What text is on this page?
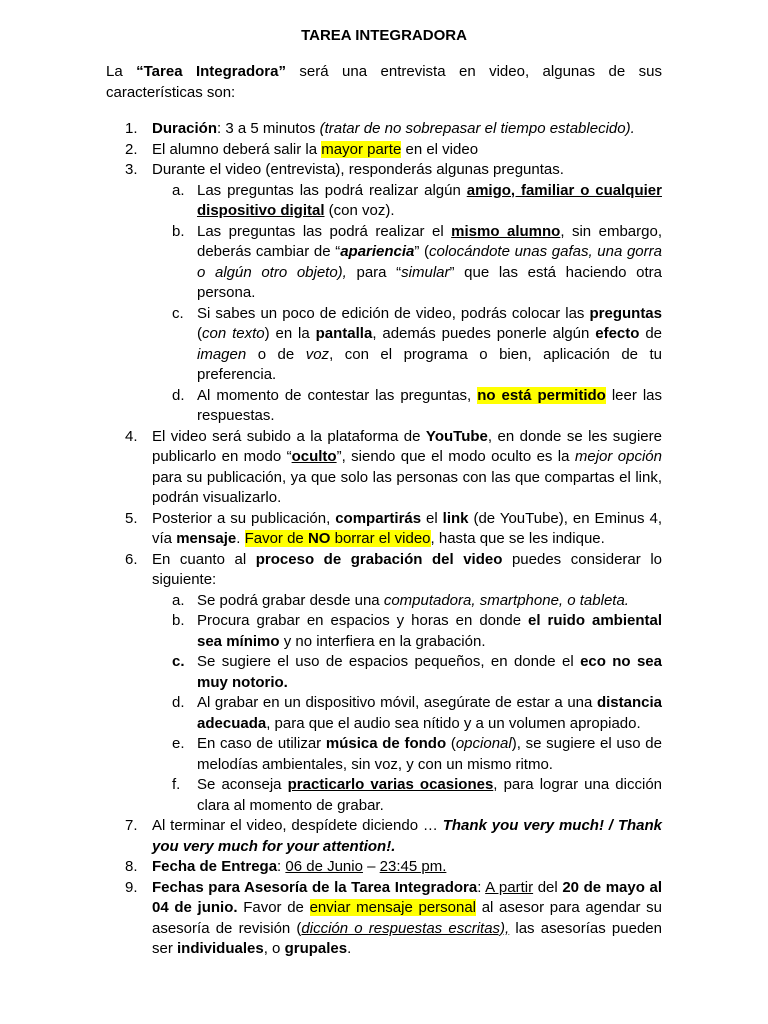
TAREA INTEGRADORA
La “Tarea Integradora” será una entrevista en video, algunas de sus características son:
1. Duración: 3 a 5 minutos (tratar de no sobrepasar el tiempo establecido).
2. El alumno deberá salir la mayor parte en el video
3. Durante el video (entrevista), responderás algunas preguntas.
a. Las preguntas las podrá realizar algún amigo, familiar o cualquier dispositivo digital (con voz).
b. Las preguntas las podrá realizar el mismo alumno, sin embargo, deberás cambiar de “apariencia” (colocándote unas gafas, una gorra o algún otro objeto), para “simular” que las está haciendo otra persona.
c. Si sabes un poco de edición de video, podrás colocar las preguntas (con texto) en la pantalla, además puedes ponerle algún efecto de imagen o de voz, con el programa o bien, aplicación de tu preferencia.
d. Al momento de contestar las preguntas, no está permitido leer las respuestas.
4. El video será subido a la plataforma de YouTube, en donde se les sugiere publicarlo en modo “oculto”, siendo que el modo oculto es la mejor opción para su publicación, ya que solo las personas con las que compartas el link, podrán visualizarlo.
5. Posterior a su publicación, compartirás el link (de YouTube), en Eminus 4, vía mensaje. Favor de NO borrar el video, hasta que se les indique.
6. En cuanto al proceso de grabación del video puedes considerar lo siguiente:
a. Se podrá grabar desde una computadora, smartphone, o tableta.
b. Procura grabar en espacios y horas en donde el ruido ambiental sea mínimo y no interfiera en la grabación.
c. Se sugiere el uso de espacios pequeños, en donde el eco no sea muy notorio.
d. Al grabar en un dispositivo móvil, asegúrate de estar a una distancia adecuada, para que el audio sea nítido y a un volumen apropiado.
e. En caso de utilizar música de fondo (opcional), se sugiere el uso de melodías ambientales, sin voz, y con un mismo ritmo.
f.	Se aconseja practicarlo varias ocasiones, para lograr una dicción clara al momento de grabar.
7. Al terminar el video, despídete diciendo … Thank you very much! / Thank you very much for your attention!.
8. Fecha de Entrega: 06 de Junio – 23:45 pm.
9. Fechas para Asesoría de la Tarea Integradora: A partir del 20 de mayo al 04 de junio. Favor de enviar mensaje personal al asesor para agendar su asesoría de revisión (dicción o respuestas escritas), las asesorías pueden ser individuales, o grupales.
